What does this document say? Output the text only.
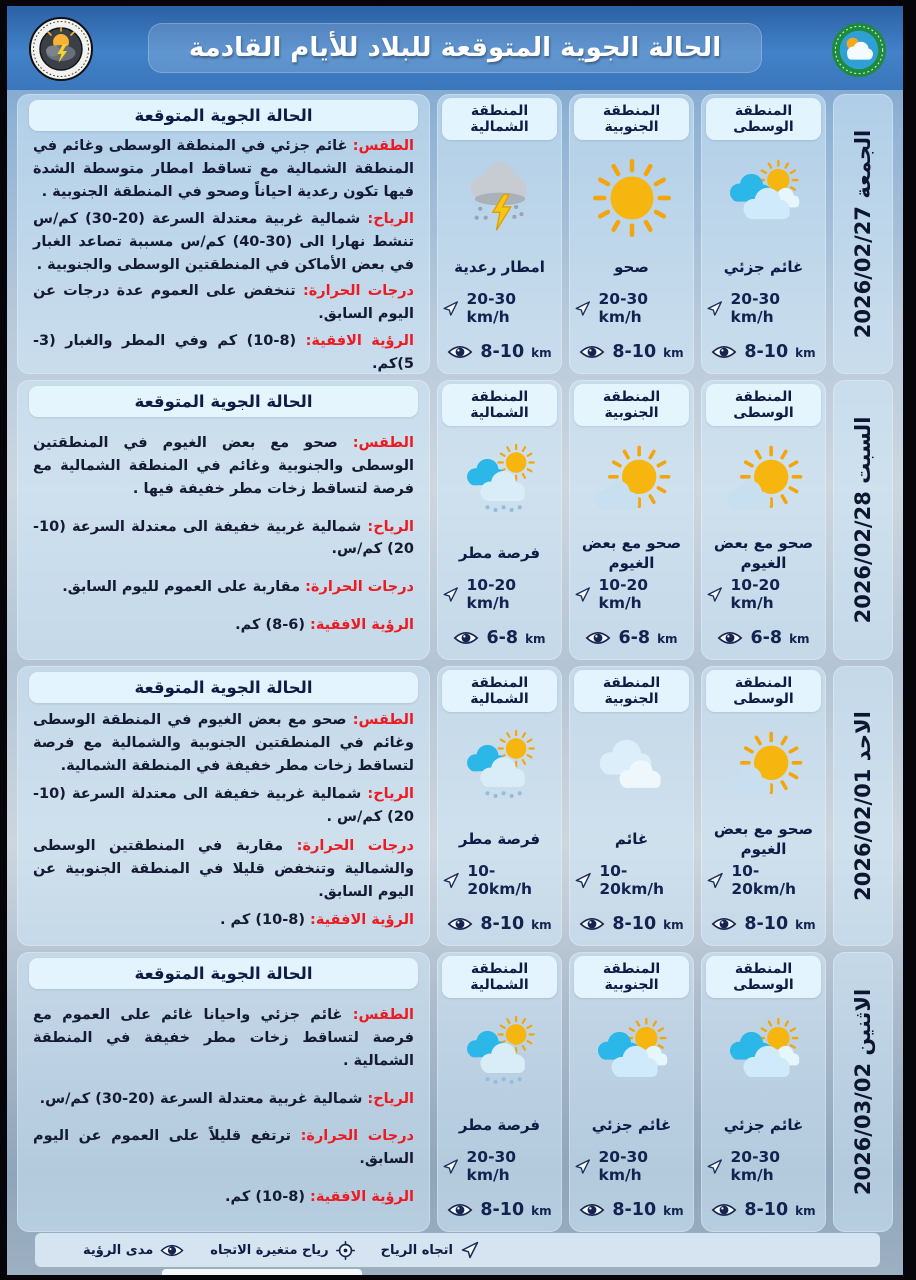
الحالة الجوية المتوقعة للبلاد للأيام القادمة
الجمعة 2026/02/27
المنطقة الوسطى
غائم جزئي
20-30 km/h
8-10 km
المنطقة الجنوبية
صحو
20-30 km/h
8-10 km
المنطقة الشمالية
امطار رعدية
20-30 km/h
8-10 km
الحالة الجوية المتوقعة

الطقس: غائم جزئي في المنطقة الوسطى وغائم في المنطقة الشمالية مع تساقط امطار متوسطة الشدة فيها تكون رعدية احياناً وصحو في المنطقة الجنوبية .

الرياح: شمالية غربية معتدلة السرعة (20-30) كم/س تنشط نهارا الى (30-40) كم/س مسببة تصاعد الغبار في بعض الأماكن في المنطقتين الوسطى والجنوبية .

درجات الحرارة: تنخفض على العموم عدة درجات عن اليوم السابق.

الرؤية الافقية: (8-10) كم وفي المطر والغبار (3-5)كم.

السبت 2026/02/28
المنطقة الوسطى
صحو مع بعض الغيوم
10-20 km/h
6-8 km
المنطقة الجنوبية
صحو مع بعض الغيوم
10-20 km/h
6-8 km
المنطقة الشمالية
فرصة مطر
10-20 km/h
6-8 km
الحالة الجوية المتوقعة

الطقس: صحو مع بعض الغيوم في المنطقتين الوسطى والجنوبية وغائم في المنطقة الشمالية مع فرصة لتساقط زخات مطر خفيفة فيها .

الرياح: شمالية غربية خفيفة الى معتدلة السرعة (10-20) كم/س.

درجات الحرارة: مقاربة على العموم لليوم السابق.

الرؤية الافقية: (6-8) كم.

الاحد 2026/02/01
المنطقة الوسطى
صحو مع بعض الغيوم
10-20km/h
8-10 km
المنطقة الجنوبية
غائم
10-20km/h
8-10 km
المنطقة الشمالية
فرصة مطر
10-20km/h
8-10 km
الحالة الجوية المتوقعة

الطقس: صحو مع بعض الغيوم في المنطقة الوسطى وغائم في المنطقتين الجنوبية والشمالية مع فرصة لتساقط زخات مطر خفيفة في المنطقة الشمالية.

الرياح: شمالية غربية خفيفة الى معتدلة السرعة (10-20) كم/س .

درجات الحرارة: مقاربة في المنطقتين الوسطى والشمالية وتنخفض قليلا في المنطقة الجنوبية عن اليوم السابق.

الرؤية الافقية: (8-10) كم .

الاثنين 2026/03/02
المنطقة الوسطى
غائم جزئي
20-30 km/h
8-10 km
المنطقة الجنوبية
غائم جزئي
20-30 km/h
8-10 km
المنطقة الشمالية
فرصة مطر
20-30 km/h
8-10 km
الحالة الجوية المتوقعة

الطقس: غائم جزئي واحيانا غائم على العموم مع فرصة لتساقط زخات مطر خفيفة في المنطقة الشمالية .

الرياح: شمالية غربية معتدلة السرعة (20-30) كم/س.

درجات الحرارة: ترتفع قليلاً على العموم عن اليوم السابق.

الرؤية الافقية: (8-10) كم.

اتجاه الرياح
رياح متغيرة الاتجاه
مدى الرؤية
